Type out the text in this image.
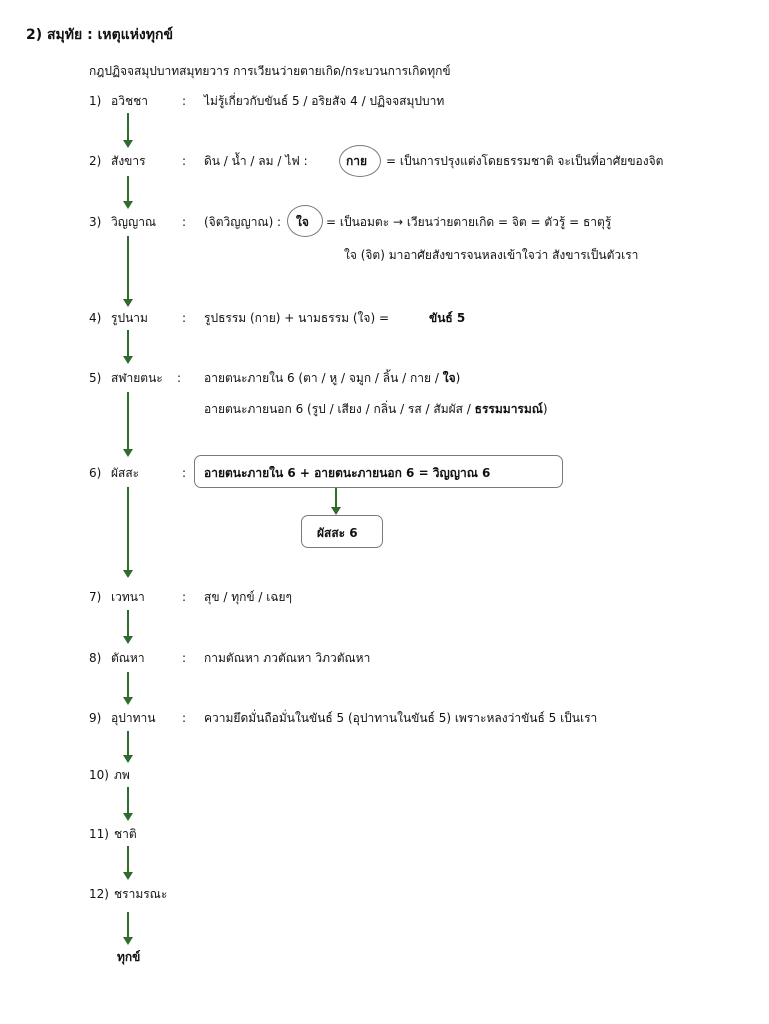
2) สมุทัย : เหตุแห่งทุกข์
กฎปฏิจจสมุปบาทสมุทยวาร การเวียนว่ายตายเกิด/กระบวนการเกิดทุกข์
1) อวิชชา	: ไม่รู้เกี่ยวกับขันธ์ 5 / อริยสัจ 4 / ปฏิจจสมุปบาท
2) สังขาร	: ดิน / น้ำ / ลม / ไฟ :	กาย = เป็นการปรุงแต่งโดยธรรมชาติ จะเป็นที่อาศัยของจิต
3) วิญญาณ : (จิตวิญญาณ) : ใจ = เป็นอมตะ → เวียนว่ายตายเกิด = จิต = ตัวรู้ = ธาตุรู้
ใจ (จิต) มาอาศัยสังขารจนหลงเข้าใจว่า สังขารเป็นตัวเรา
4) รูปนาม	: รูปธรรม (กาย) + นามธรรม (ใจ) =	ขันธ์ 5
5) สฬายตนะ : อายตนะภายใน 6 (ตา / หู / จมูก / ลิ้น / กาย / ใจ)
อายตนะภายนอก 6 (รูป / เสียง / กลิ่น / รส / สัมผัส / ธรรมมารมณ์)
6) ผัสสะ	: อายตนะภายใน 6 + อายตนะภายนอก 6 = วิญญาณ 6
ผัสสะ 6
7) เวทนา	: สุข / ทุกข์ / เฉยๆ
8) ตัณหา	: กามตัณหา ภวตัณหา วิภวตัณหา
9) อุปาทาน : ความยึดมั่นถือมั่นในขันธ์ 5 (อุปาทานในขันธ์ 5) เพราะหลงว่าขันธ์ 5 เป็นเรา
10) ภพ
11) ชาติ
12) ชรามรณะ
ทุกข์
